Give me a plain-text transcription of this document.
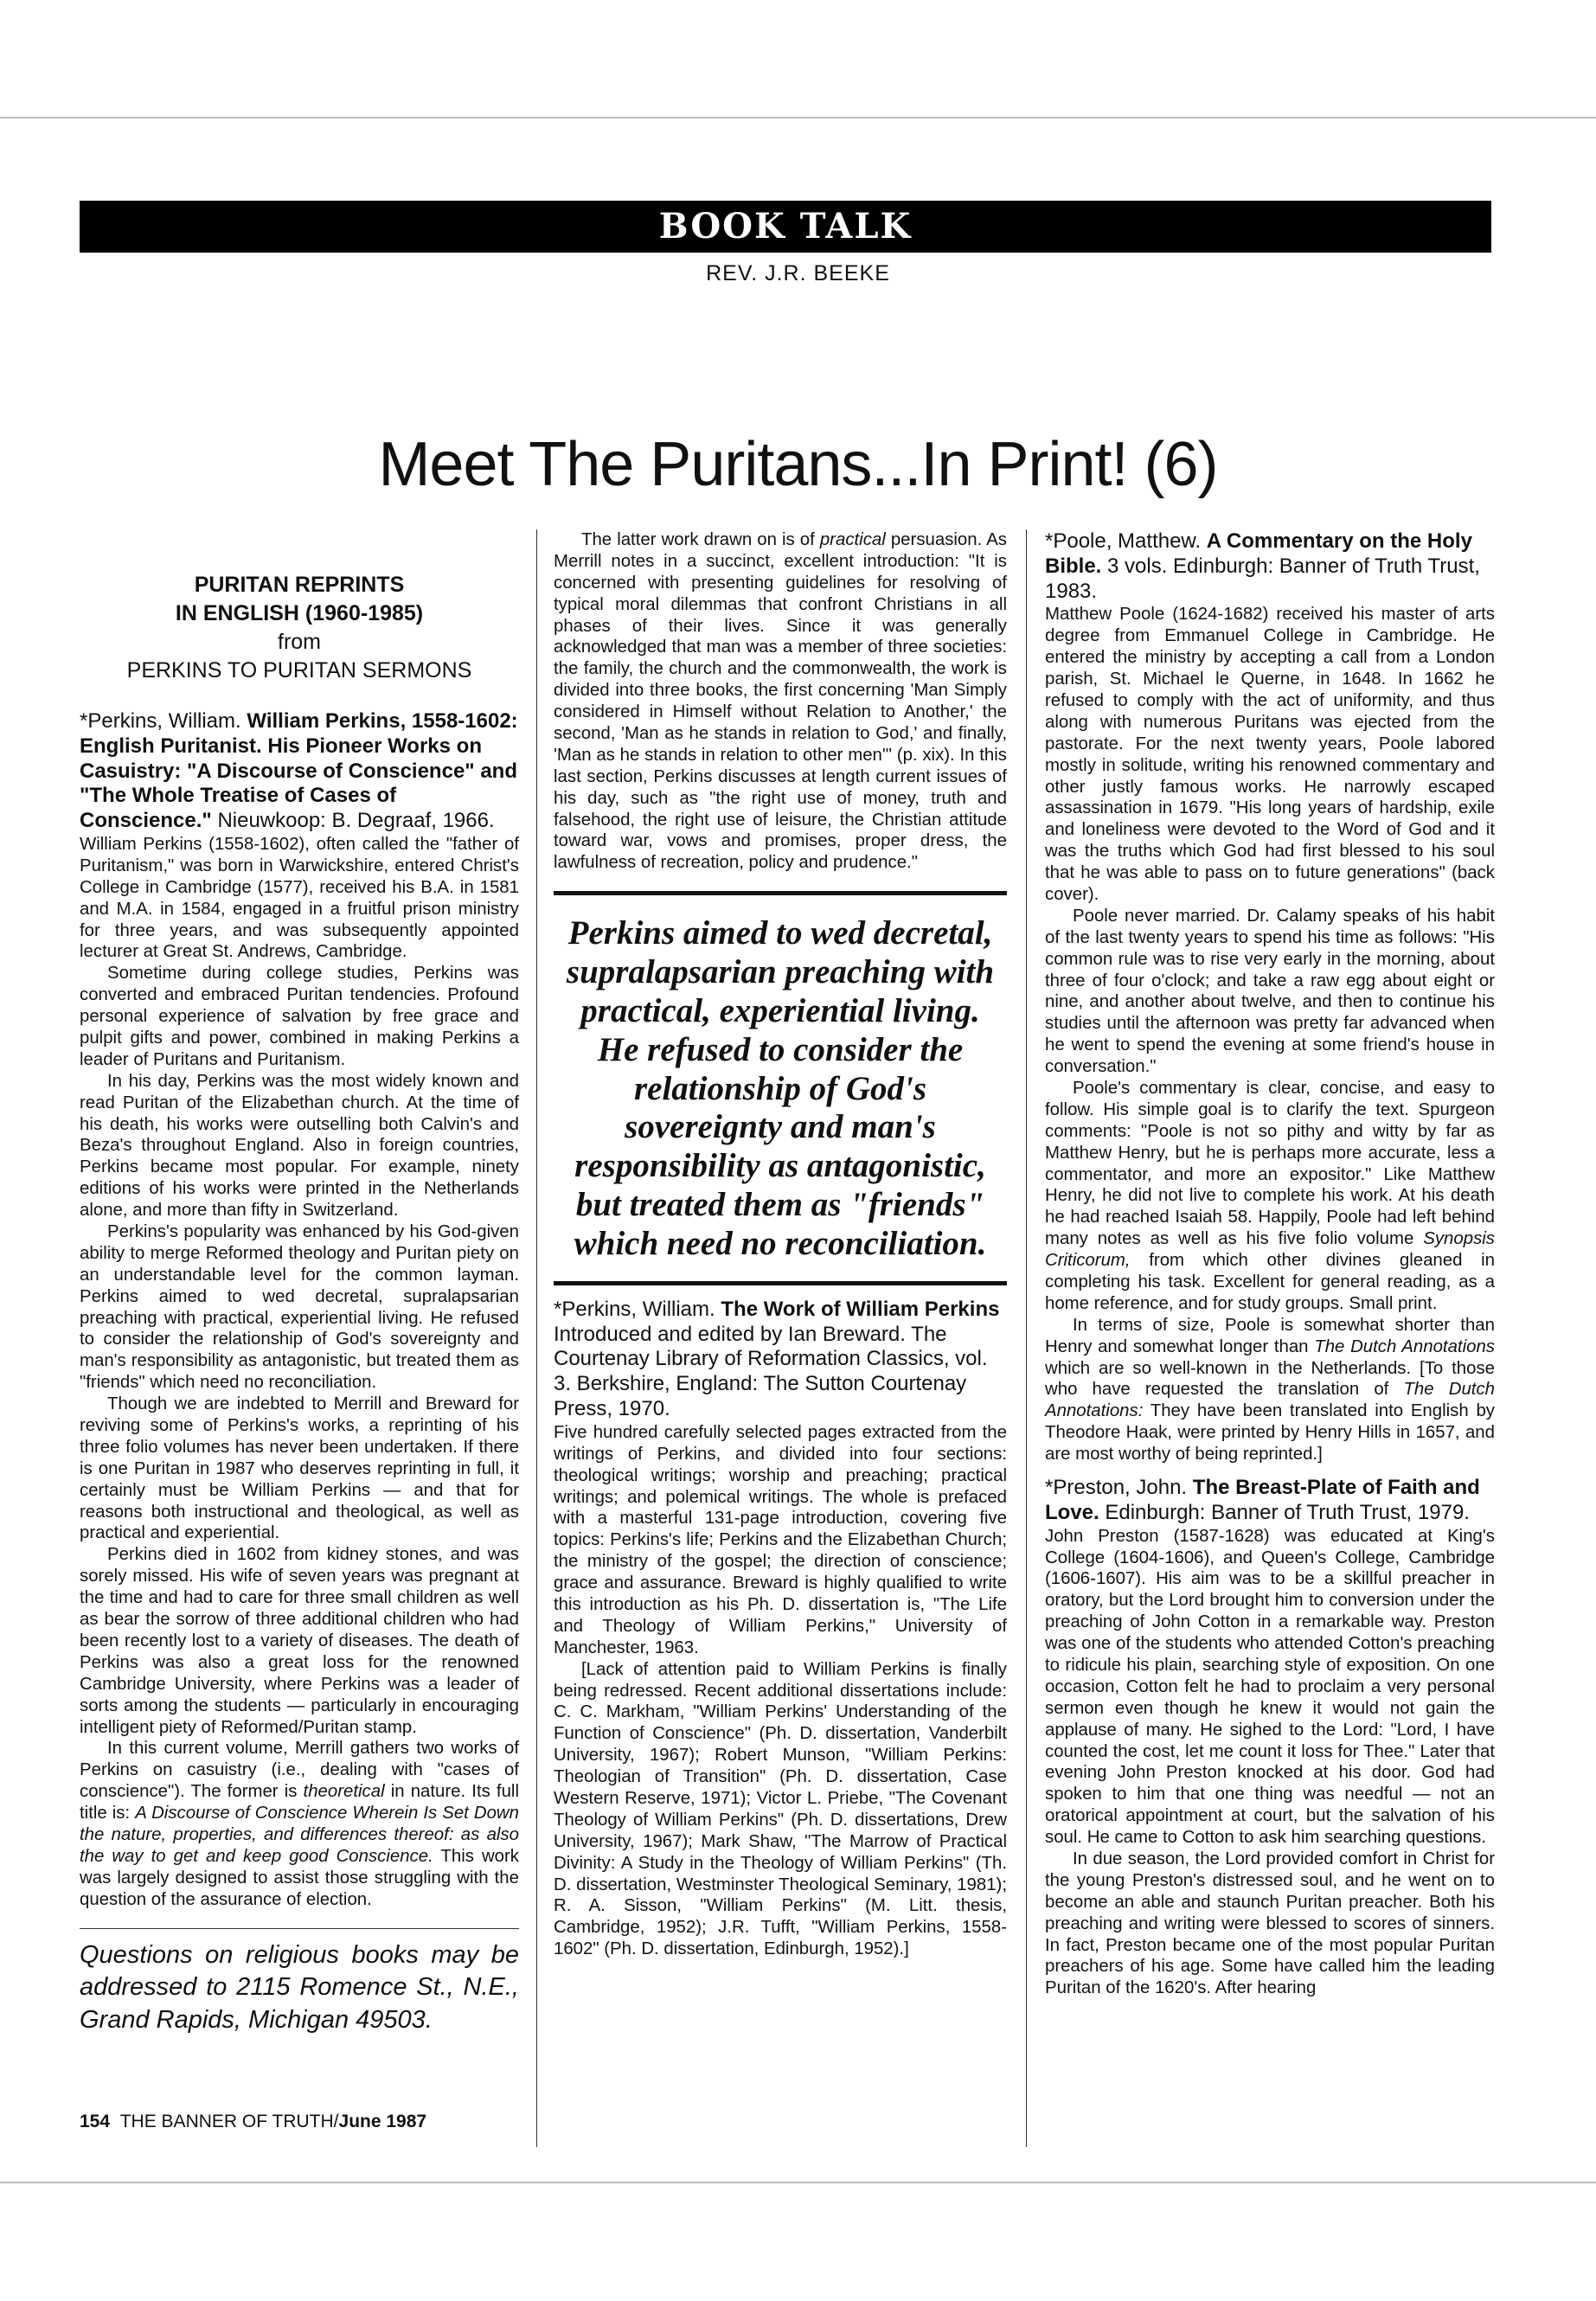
BOOK TALK
REV. J.R. BEEKE
Meet The Puritans...In Print! (6)
PURITAN REPRINTS
IN ENGLISH (1960-1985)
from
PERKINS TO PURITAN SERMONS

*Perkins, William. William Perkins, 1558-1602: English Puritanist. His Pioneer Works on Casuistry: "A Discourse of Conscience" and "The Whole Treatise of Cases of Conscience." Nieuwkoop: B. Degraaf, 1966.

William Perkins (1558-1602), often called the "father of Puritanism," was born in Warwickshire, entered Christ's College in Cambridge (1577), received his B.A. in 1581 and M.A. in 1584, engaged in a fruitful prison ministry for three years, and was subsequently appointed lecturer at Great St. Andrews, Cambridge.

Sometime during college studies, Perkins was converted and embraced Puritan tendencies. Profound personal experience of salvation by free grace and pulpit gifts and power, combined in making Perkins a leader of Puritans and Puritanism.

In his day, Perkins was the most widely known and read Puritan of the Elizabethan church. At the time of his death, his works were outselling both Calvin's and Beza's throughout England. Also in foreign countries, Perkins became most popular. For example, ninety editions of his works were printed in the Netherlands alone, and more than fifty in Switzerland.

Perkins's popularity was enhanced by his God-given ability to merge Reformed theology and Puritan piety on an understandable level for the common layman. Perkins aimed to wed decretal, supralapsarian preaching with practical, experiential living. He refused to consider the relationship of God's sovereignty and man's responsibility as antagonistic, but treated them as "friends" which need no reconciliation.

Though we are indebted to Merrill and Breward for reviving some of Perkins's works, a reprinting of his three folio volumes has never been undertaken. If there is one Puritan in 1987 who deserves reprinting in full, it certainly must be William Perkins — and that for reasons both instructional and theological, as well as practical and experiential.

Perkins died in 1602 from kidney stones, and was sorely missed. His wife of seven years was pregnant at the time and had to care for three small children as well as bear the sorrow of three additional children who had been recently lost to a variety of diseases. The death of Perkins was also a great loss for the renowned Cambridge University, where Perkins was a leader of sorts among the students — particularly in encouraging intelligent piety of Reformed/Puritan stamp.

In this current volume, Merrill gathers two works of Perkins on casuistry (i.e., dealing with "cases of conscience"). The former is theoretical in nature. Its full title is: A Discourse of Conscience Wherein Is Set Down the nature, properties, and differences thereof: as also the way to get and keep good Conscience. This work was largely designed to assist those struggling with the question of the assurance of election.

Questions on religious books may be addressed to 2115 Romence St., N.E., Grand Rapids, Michigan 49503.

The latter work drawn on is of practical persuasion. As Merrill notes in a succinct, excellent introduction: "It is concerned with presenting guidelines for resolving of typical moral dilemmas that confront Christians in all phases of their lives. Since it was generally acknowledged that man was a member of three societies: the family, the church and the commonwealth, the work is divided into three books, the first concerning 'Man Simply considered in Himself without Relation to Another,' the second, 'Man as he stands in relation to God,' and finally, 'Man as he stands in relation to other men'" (p. xix). In this last section, Perkins discusses at length current issues of his day, such as "the right use of money, truth and falsehood, the right use of leisure, the Christian attitude toward war, vows and promises, proper dress, the lawfulness of recreation, policy and prudence."

Perkins aimed to wed decretal, supralapsarian preaching with practical, experiential living. He refused to consider the relationship of God's sovereignty and man's responsibility as antagonistic, but treated them as "friends" which need no reconciliation.

*Perkins, William. The Work of William Perkins Introduced and edited by Ian Breward. The Courtenay Library of Reformation Classics, vol. 3. Berkshire, England: The Sutton Courtenay Press, 1970.

Five hundred carefully selected pages extracted from the writings of Perkins, and divided into four sections: theological writings; worship and preaching; practical writings; and polemical writings. The whole is prefaced with a masterful 131-page introduction, covering five topics: Perkins's life; Perkins and the Elizabethan Church; the ministry of the gospel; the direction of conscience; grace and assurance. Breward is highly qualified to write this introduction as his Ph. D. dissertation is, "The Life and Theology of William Perkins," University of Manchester, 1963.

[Lack of attention paid to William Perkins is finally being redressed. Recent additional dissertations include: C. C. Markham, "William Perkins' Understanding of the Function of Conscience" (Ph. D. dissertation, Vanderbilt University, 1967); Robert Munson, "William Perkins: Theologian of Transition" (Ph. D. dissertation, Case Western Reserve, 1971); Victor L. Priebe, "The Covenant Theology of William Perkins" (Ph. D. dissertations, Drew University, 1967); Mark Shaw, "The Marrow of Practical Divinity: A Study in the Theology of William Perkins" (Th. D. dissertation, Westminster Theological Seminary, 1981); R. A. Sisson, "William Perkins" (M. Litt. thesis, Cambridge, 1952); J.R. Tufft, "William Perkins, 1558-1602" (Ph. D. dissertation, Edinburgh, 1952).]

*Poole, Matthew. A Commentary on the Holy Bible. 3 vols. Edinburgh: Banner of Truth Trust, 1983.

Matthew Poole (1624-1682) received his master of arts degree from Emmanuel College in Cambridge. He entered the ministry by accepting a call from a London parish, St. Michael le Querne, in 1648. In 1662 he refused to comply with the act of uniformity, and thus along with numerous Puritans was ejected from the pastorate. For the next twenty years, Poole labored mostly in solitude, writing his renowned commentary and other justly famous works. He narrowly escaped assassination in 1679. "His long years of hardship, exile and loneliness were devoted to the Word of God and it was the truths which God had first blessed to his soul that he was able to pass on to future generations" (back cover).

Poole never married. Dr. Calamy speaks of his habit of the last twenty years to spend his time as follows: "His common rule was to rise very early in the morning, about three of four o'clock; and take a raw egg about eight or nine, and another about twelve, and then to continue his studies until the afternoon was pretty far advanced when he went to spend the evening at some friend's house in conversation."

Poole's commentary is clear, concise, and easy to follow. His simple goal is to clarify the text. Spurgeon comments: "Poole is not so pithy and witty by far as Matthew Henry, but he is perhaps more accurate, less a commentator, and more an expositor." Like Matthew Henry, he did not live to complete his work. At his death he had reached Isaiah 58. Happily, Poole had left behind many notes as well as his five folio volume Synopsis Criticorum, from which other divines gleaned in completing his task. Excellent for general reading, as a home reference, and for study groups. Small print.

In terms of size, Poole is somewhat shorter than Henry and somewhat longer than The Dutch Annotations which are so well-known in the Netherlands. [To those who have requested the translation of The Dutch Annotations: They have been translated into English by Theodore Haak, were printed by Henry Hills in 1657, and are most worthy of being reprinted.]

*Preston, John. The Breast-Plate of Faith and Love. Edinburgh: Banner of Truth Trust, 1979.

John Preston (1587-1628) was educated at King's College (1604-1606), and Queen's College, Cambridge (1606-1607). His aim was to be a skillful preacher in oratory, but the Lord brought him to conversion under the preaching of John Cotton in a remarkable way. Preston was one of the students who attended Cotton's preaching to ridicule his plain, searching style of exposition. On one occasion, Cotton felt he had to proclaim a very personal sermon even though he knew it would not gain the applause of many. He sighed to the Lord: "Lord, I have counted the cost, let me count it loss for Thee." Later that evening John Preston knocked at his door. God had spoken to him that one thing was needful — not an oratorical appointment at court, but the salvation of his soul. He came to Cotton to ask him searching questions.

In due season, the Lord provided comfort in Christ for the young Preston's distressed soul, and he went on to become an able and staunch Puritan preacher. Both his preaching and writing were blessed to scores of sinners. In fact, Preston became one of the most popular Puritan preachers of his age. Some have called him the leading Puritan of the 1620's. After hearing

154 THE BANNER OF TRUTH/June 1987
